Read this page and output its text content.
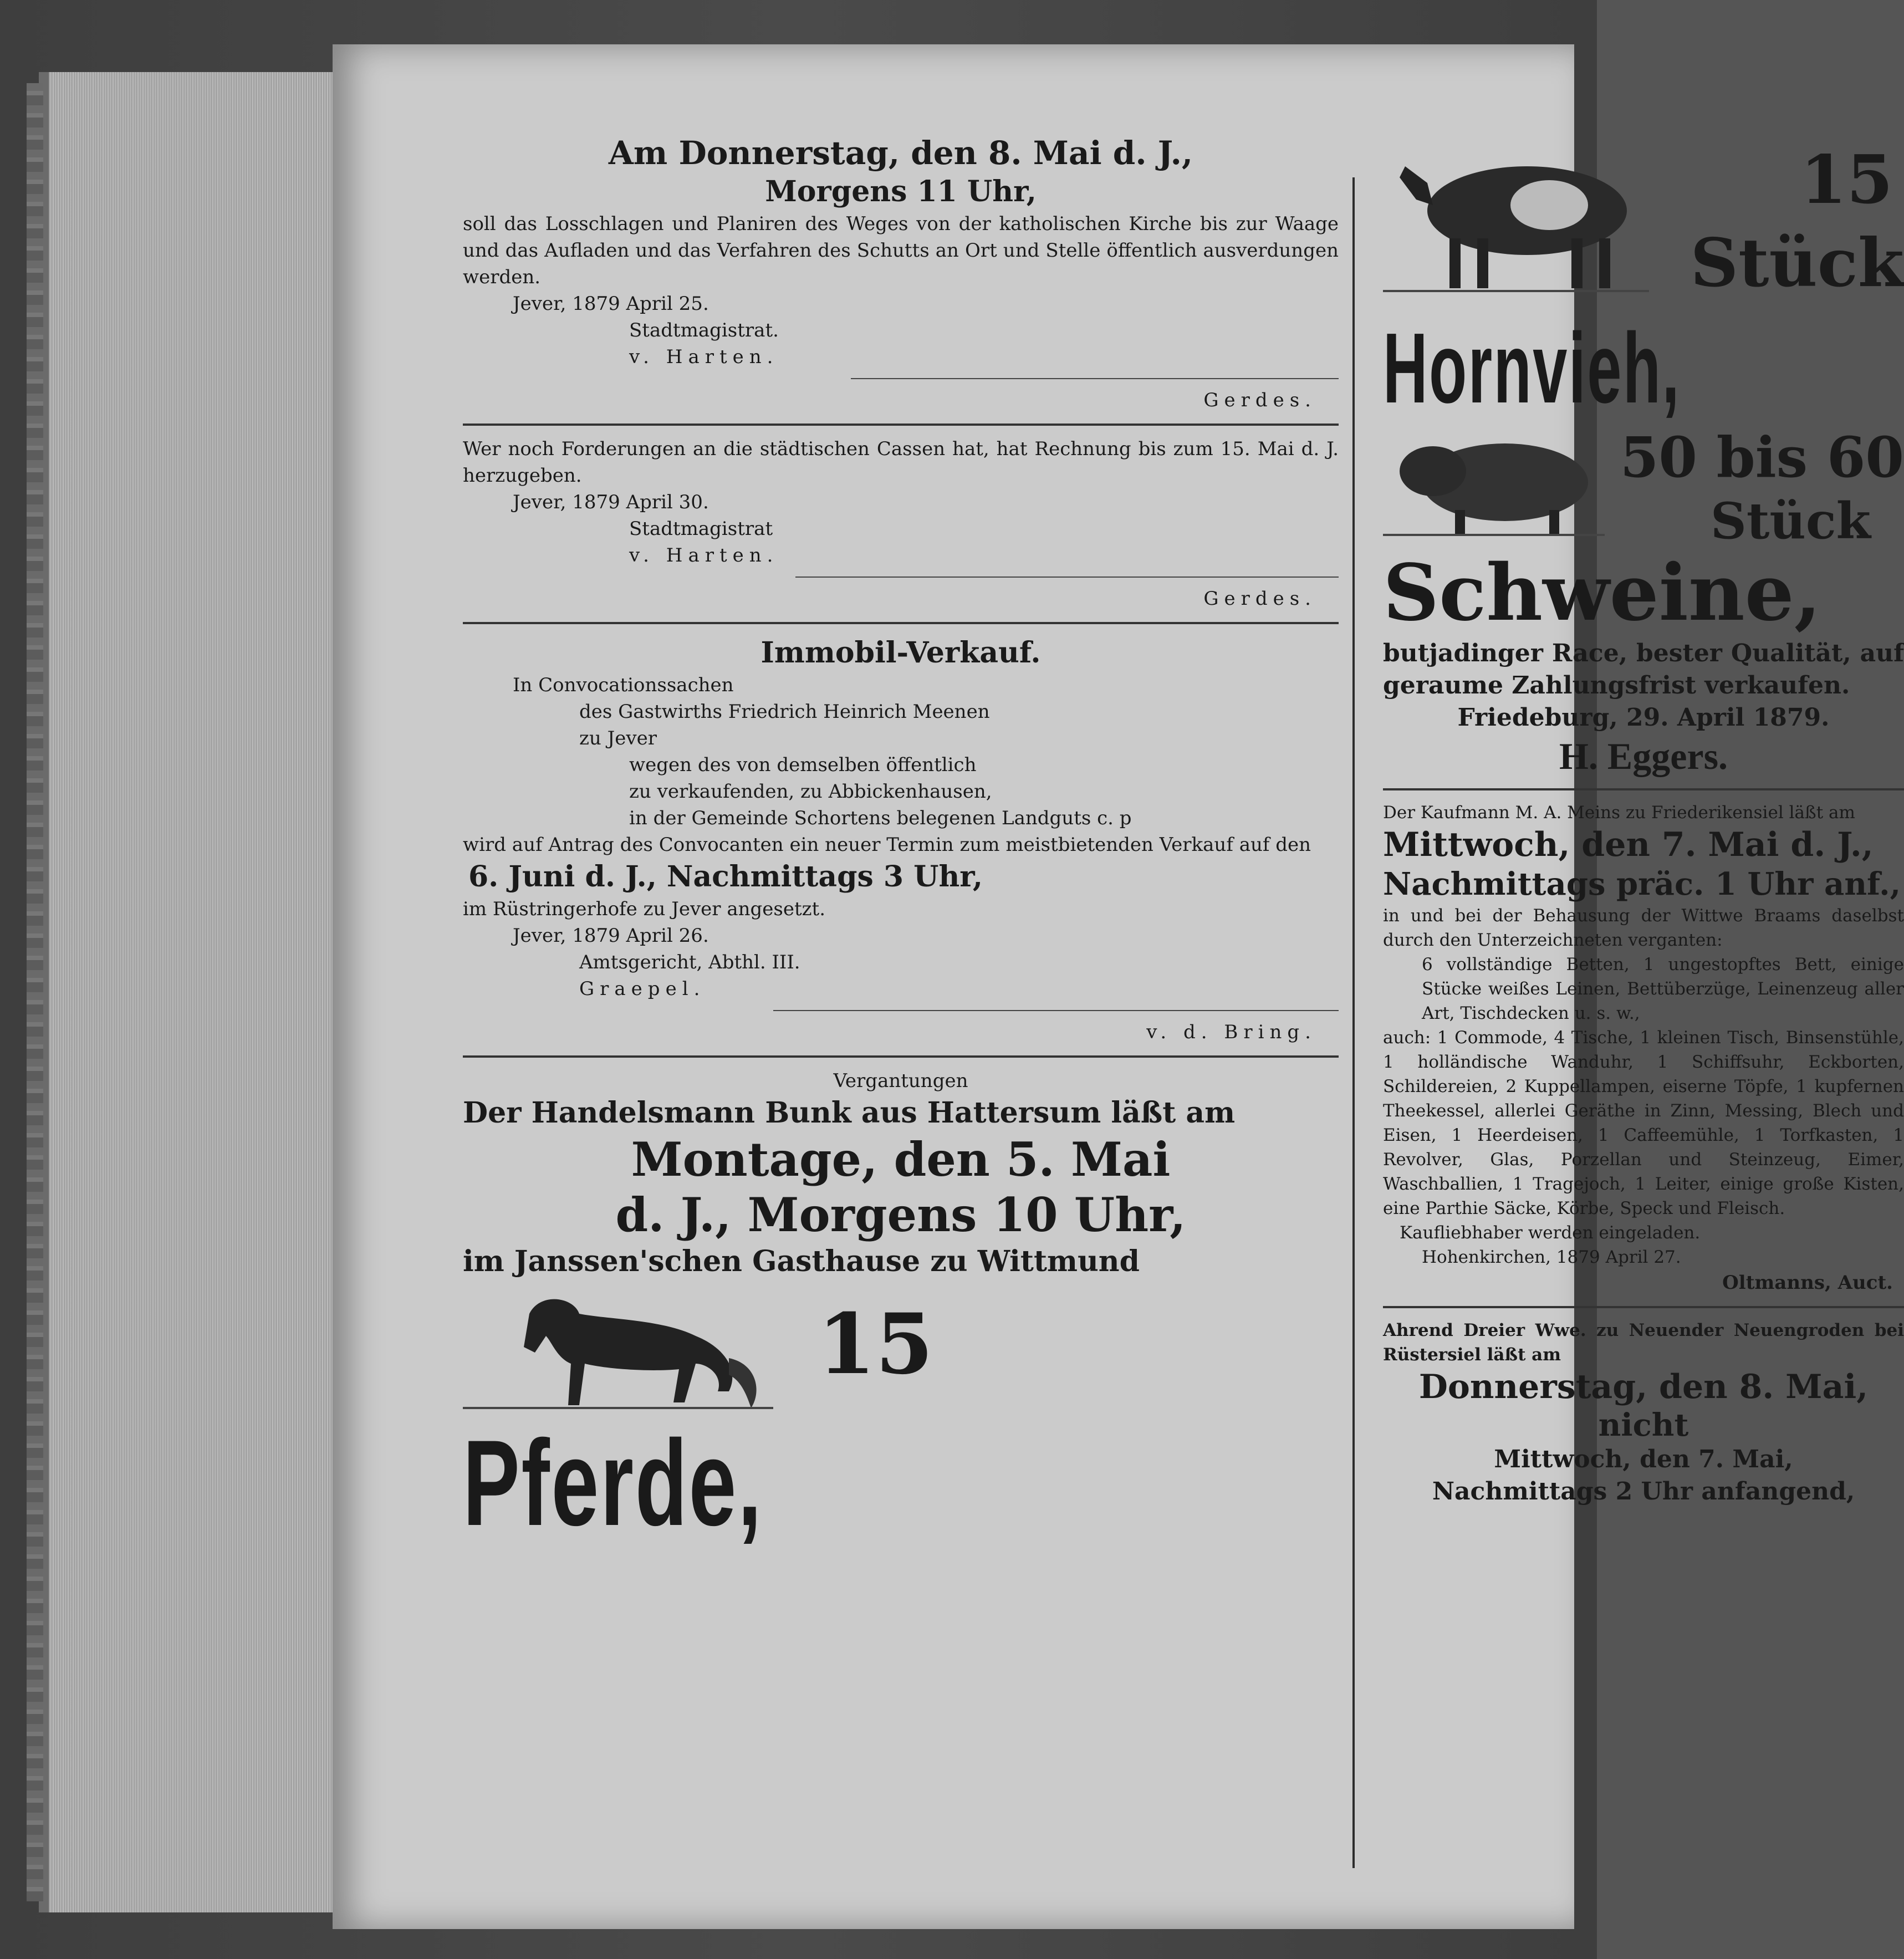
Am Donnerstag, den 8. Mai d. J.,
Morgens 11 Uhr,
soll das Losschlagen und Planiren des Weges von der katholischen Kirche bis zur Waage und das Aufladen und das Verfahren des Schutts an Ort und Stelle öffentlich ausverdungen werden.
Jever, 1879 April 25.
Stadtmagistrat.
v. Harten.
Gerdes.
Wer noch Forderungen an die städtischen Cassen hat, hat Rechnung bis zum 15. Mai d. J. herzugeben.
Jever, 1879 April 30.
Stadtmagistrat
v. Harten.
Gerdes.
Immobil-Verkauf.
In Convocationssachen
des Gastwirths Friedrich Heinrich Meenen
zu Jever
wegen des von demselben öffentlich
zu verkaufenden, zu Abbickenhausen,
in der Gemeinde Schortens belegenen Landguts c. p
wird auf Antrag des Convocanten ein neuer Termin zum meistbietenden Verkauf auf den
6. Juni d. J., Nachmittags 3 Uhr,
im Rüstringerhofe zu Jever angesetzt.
Jever, 1879 April 26.
Amtsgericht, Abthl. III.
Graepel.
v. d. Bring.
Vergantungen
Der Handelsmann Bunk aus Hattersum läßt am
Montage, den 5. Mai
d. J., Morgens 10 Uhr,
im Janssen'schen Gasthause zu Wittmund
15
Pferde,
15
Stück
Hornvieh,
50 bis 60
Stück
Schweine,
butjadinger Race, bester Qualität, auf geraume Zahlungsfrist verkaufen.
Friedeburg, 29. April 1879.
H. Eggers.
Der Kaufmann M. A. Meins zu Friederikensiel läßt am
Mittwoch, den 7. Mai d. J.,
Nachmittags präc. 1 Uhr anf.,
in und bei der Behausung der Wittwe Braams daselbst durch den Unterzeichneten verganten:
6 vollständige Betten, 1 ungestopftes Bett, einige Stücke weißes Leinen, Bettüberzüge, Leinenzeug aller Art, Tischdecken u. s. w.,
auch: 1 Commode, 4 Tische, 1 kleinen Tisch, Binsenstühle, 1 holländische Wanduhr, 1 Schiffsuhr, Eckborten, Schildereien, 2 Kuppellampen, eiserne Töpfe, 1 kupfernen Theekessel, allerlei Geräthe in Zinn, Messing, Blech und Eisen, 1 Heerdeisen, 1 Caffeemühle, 1 Torfkasten, 1 Revolver, Glas, Porzellan und Steinzeug, Eimer, Waschballien, 1 Tragejoch, 1 Leiter, einige große Kisten, eine Parthie Säcke, Körbe, Speck und Fleisch.
Kaufliebhaber werden eingeladen.
Hohenkirchen, 1879 April 27.
Oltmanns, Auct.
Ahrend Dreier Wwe. zu Neuender Neuengroden bei Rüstersiel läßt am
Donnerstag, den 8. Mai,
nicht
Mittwoch, den 7. Mai,
Nachmittags 2 Uhr anfangend,
